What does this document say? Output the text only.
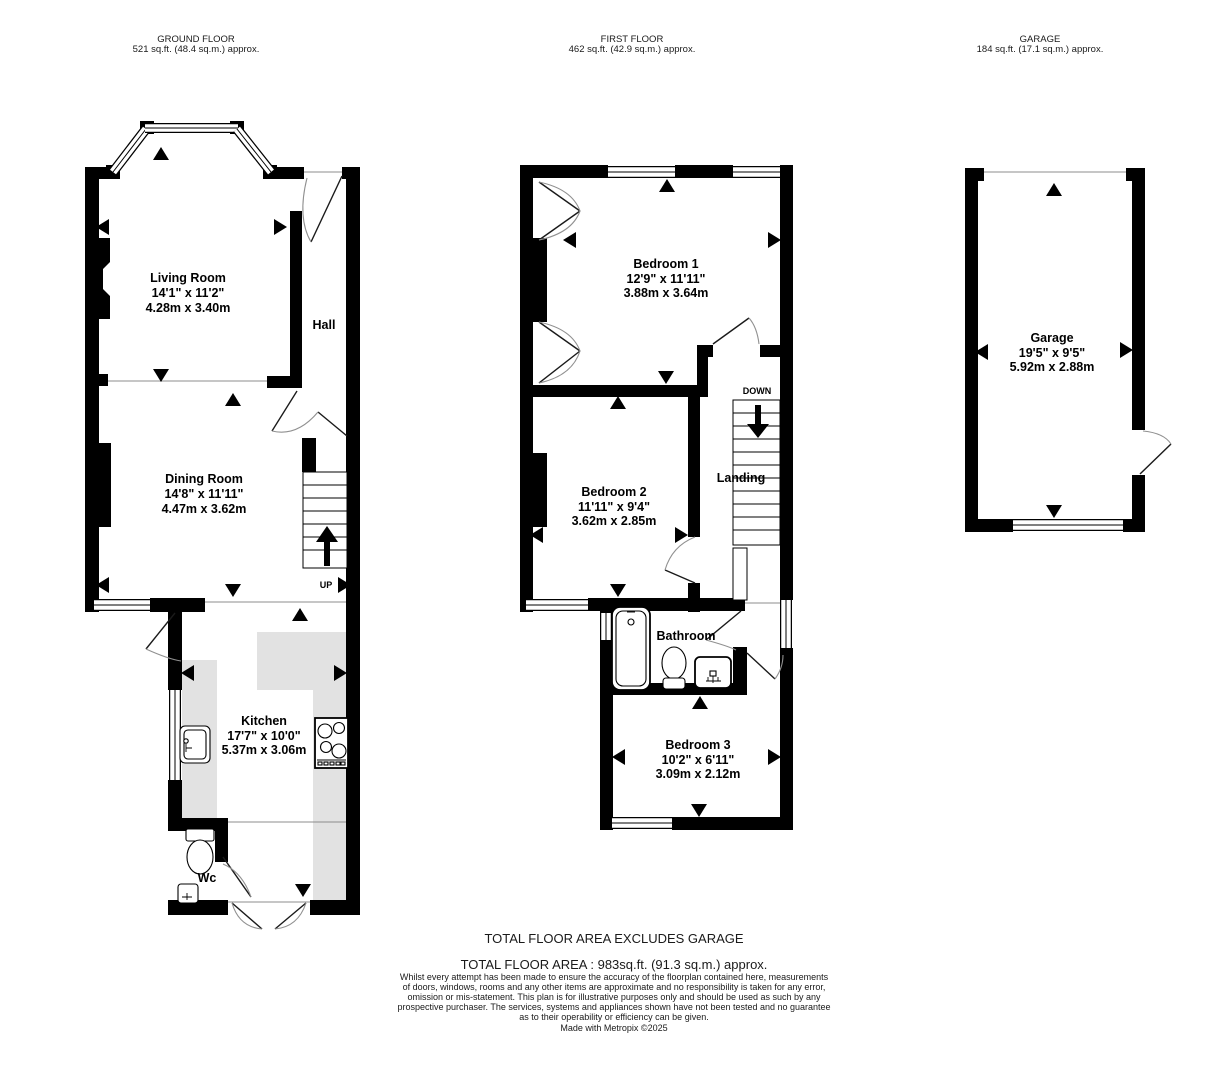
GROUND FLOOR
521 sq.ft. (48.4 sq.m.) approx.
FIRST FLOOR
462 sq.ft. (42.9 sq.m.) approx.
GARAGE
184 sq.ft. (17.1 sq.m.) approx.
Living Room
14'1" x 11'2"
4.28m x 3.40m
Hall
Dining Room
14'8" x 11'11"
4.47m x 3.62m
UP
Kitchen
17'7" x 10'0"
5.37m x 3.06m
Wc
Bedroom 1
12'9" x 11'11"
3.88m x 3.64m
DOWN
Bedroom 2
11'11" x 9'4"
3.62m x 2.85m
Landing
Bathroom
Bedroom 3
10'2" x 6'11"
3.09m x 2.12m
Garage
19'5" x 9'5"
5.92m x 2.88m
TOTAL FLOOR AREA EXCLUDES GARAGE
TOTAL FLOOR AREA : 983sq.ft. (91.3 sq.m.) approx.
Whilst every attempt has been made to ensure the accuracy of the floorplan contained here, measurements
of doors, windows, rooms and any other items are approximate and no responsibility is taken for any error,
omission or mis-statement. This plan is for illustrative purposes only and should be used as such by any
prospective purchaser. The services, systems and appliances shown have not been tested and no guarantee
as to their operability or efficiency can be given.
Made with Metropix ©2025
